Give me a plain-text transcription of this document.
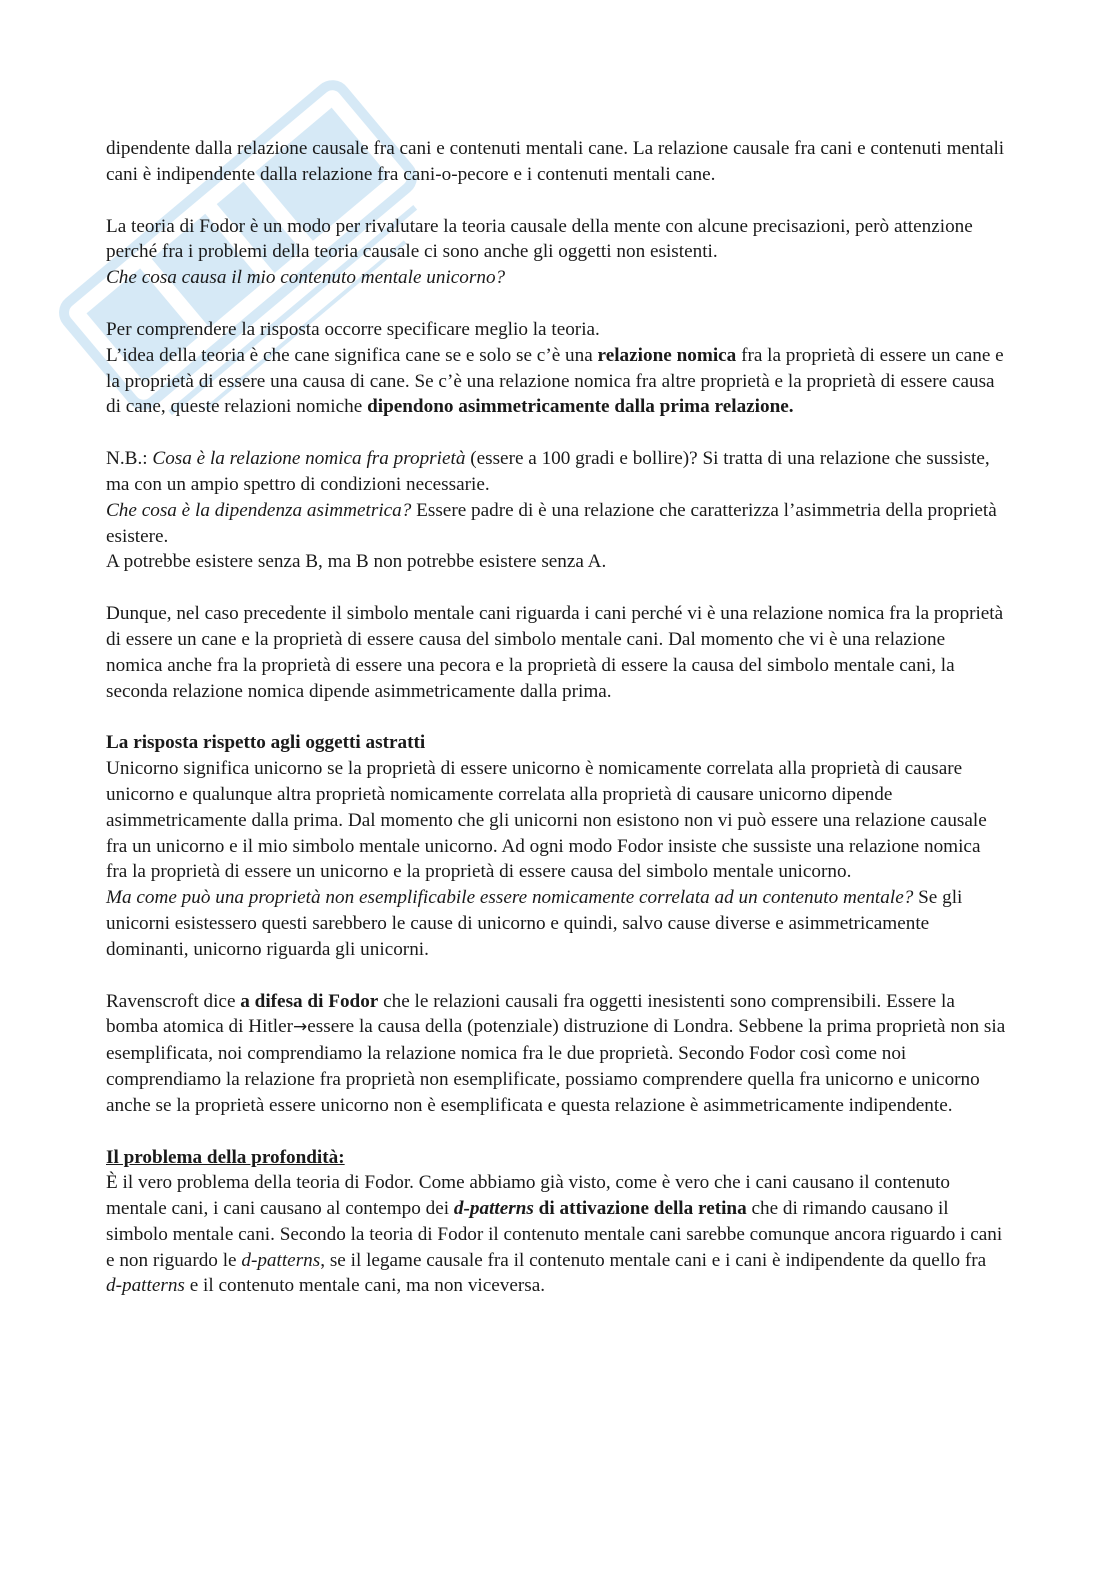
dipendente dalla relazione causale fra cani e contenuti mentali cane. La relazione causale fra cani e contenuti mentali cani è indipendente dalla relazione fra cani-o-pecore e i contenuti mentali cane.

La teoria di Fodor è un modo per rivalutare la teoria causale della mente con alcune precisazioni, però attenzione perché fra i problemi della teoria causale ci sono anche gli oggetti non esistenti.
Che cosa causa il mio contenuto mentale unicorno?

Per comprendere la risposta occorre specificare meglio la teoria.
L’idea della teoria è che cane significa cane se e solo se c’è una relazione nomica fra la proprietà di essere un cane e la proprietà di essere una causa di cane. Se c’è una relazione nomica fra altre proprietà e la proprietà di essere causa di cane, queste relazioni nomiche dipendono asimmetricamente dalla prima relazione.

N.B.: Cosa è la relazione nomica fra proprietà (essere a 100 gradi e bollire)? Si tratta di una relazione che sussiste, ma con un ampio spettro di condizioni necessarie.
Che cosa è la dipendenza asimmetrica? Essere padre di è una relazione che caratterizza l’asimmetria della proprietà esistere.
A potrebbe esistere senza B, ma B non potrebbe esistere senza A.

Dunque, nel caso precedente il simbolo mentale cani riguarda i cani perché vi è una relazione nomica fra la proprietà di essere un cane e la proprietà di essere causa del simbolo mentale cani. Dal momento che vi è una relazione nomica anche fra la proprietà di essere una pecora e la proprietà di essere la causa del simbolo mentale cani, la seconda relazione nomica dipende asimmetricamente dalla prima.

La risposta rispetto agli oggetti astratti
Unicorno significa unicorno se la proprietà di essere unicorno è nomicamente correlata alla proprietà di causare unicorno e qualunque altra proprietà nomicamente correlata alla proprietà di causare unicorno dipende asimmetricamente dalla prima. Dal momento che gli unicorni non esistono non vi può essere una relazione causale fra un unicorno e il mio simbolo mentale unicorno. Ad ogni modo Fodor insiste che sussiste una relazione nomica fra la proprietà di essere un unicorno e la proprietà di essere causa del simbolo mentale unicorno.
Ma come può una proprietà non esemplificabile essere nomicamente correlata ad un contenuto mentale? Se gli unicorni esistessero questi sarebbero le cause di unicorno e quindi, salvo cause diverse e asimmetricamente dominanti, unicorno riguarda gli unicorni.

Ravenscroft dice a difesa di Fodor che le relazioni causali fra oggetti inesistenti sono comprensibili. Essere la bomba atomica di Hitler→essere la causa della (potenziale) distruzione di Londra. Sebbene la prima proprietà non sia esemplificata, noi comprendiamo la relazione nomica fra le due proprietà. Secondo Fodor così come noi comprendiamo la relazione fra proprietà non esemplificate, possiamo comprendere quella fra unicorno e unicorno anche se la proprietà essere unicorno non è esemplificata e questa relazione è asimmetricamente indipendente.

Il problema della profondità:
È il vero problema della teoria di Fodor. Come abbiamo già visto, come è vero che i cani causano il contenuto mentale cani, i cani causano al contempo dei d-patterns di attivazione della retina che di rimando causano il simbolo mentale cani. Secondo la teoria di Fodor il contenuto mentale cani sarebbe comunque ancora riguardo i cani e non riguardo le d-patterns, se il legame causale fra il contenuto mentale cani e i cani è indipendente da quello fra d-patterns e il contenuto mentale cani, ma non viceversa.
